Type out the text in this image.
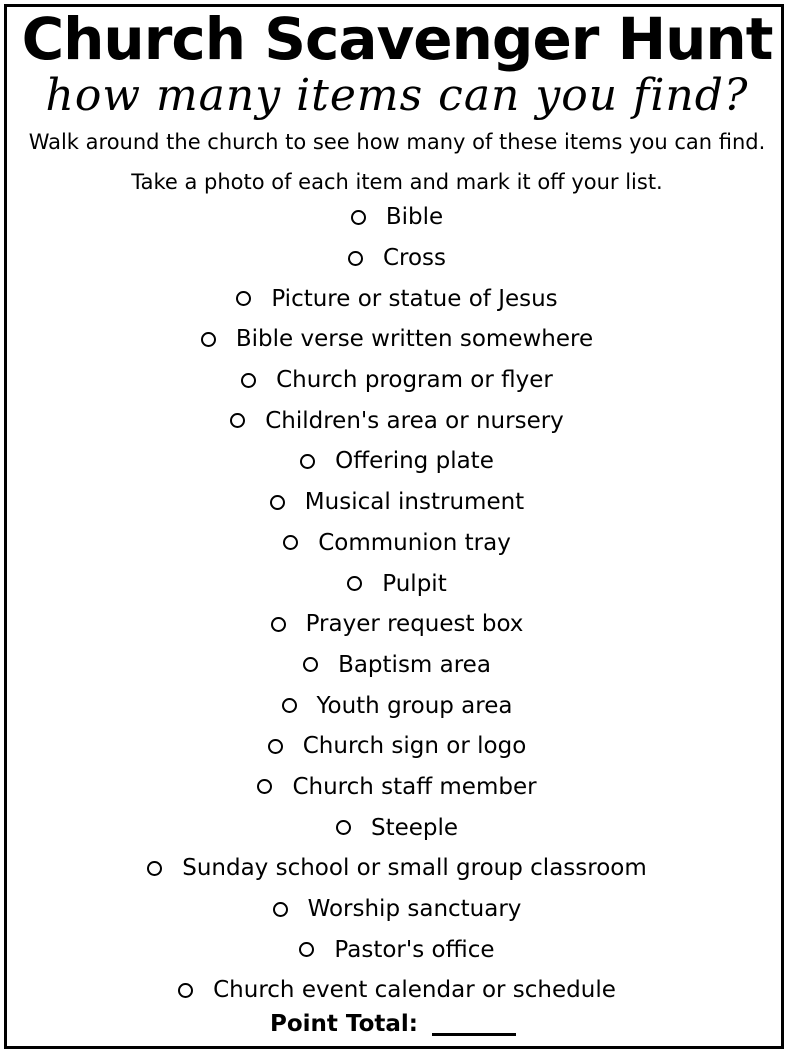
Church Scavenger Hunt
how many items can you find?
Walk around the church to see how many of these items you can find.
Take a photo of each item and mark it off your list.
Bible
Cross
Picture or statue of Jesus
Bible verse written somewhere
Church program or flyer
Children's area or nursery
Offering plate
Musical instrument
Communion tray
Pulpit
Prayer request box
Baptism area
Youth group area
Church sign or logo
Church staff member
Steeple
Sunday school or small group classroom
Worship sanctuary
Pastor's office
Church event calendar or schedule
Point Total:
